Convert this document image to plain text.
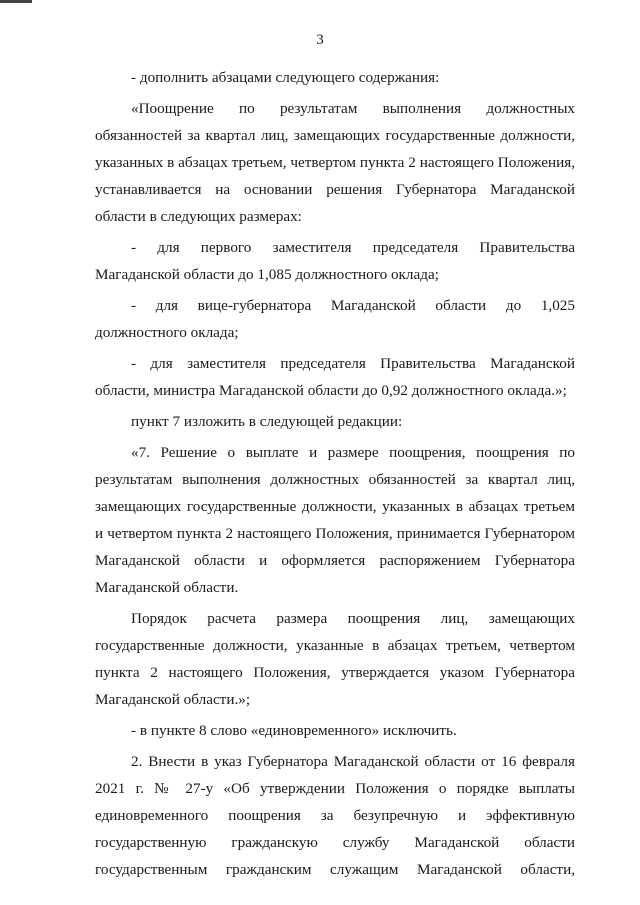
3

- дополнить абзацами следующего содержания:

«Поощрение по результатам выполнения должностных обязанностей за квартал лиц, замещающих государственные должности, указанных в абзацах третьем, четвертом пункта 2 настоящего Положения, устанавливается на основании решения Губернатора Магаданской области в следующих размерах:

- для первого заместителя председателя Правительства Магаданской области до 1,085 должностного оклада;

- для вице-губернатора Магаданской области до 1,025 должностного оклада;

- для заместителя председателя Правительства Магаданской области, министра Магаданской области до 0,92 должностного оклада.»;

пункт 7 изложить в следующей редакции:

«7. Решение о выплате и размере поощрения, поощрения по результатам выполнения должностных обязанностей за квартал лиц, замещающих государственные должности, указанных в абзацах третьем и четвертом пункта 2 настоящего Положения, принимается Губернатором Магаданской области и оформляется распоряжением Губернатора Магаданской области.

Порядок расчета размера поощрения лиц, замещающих государственные должности, указанные в абзацах третьем, четвертом пункта 2 настоящего Положения, утверждается указом Губернатора Магаданской области.»;

- в пункте 8 слово «единовременного» исключить.

2. Внести в указ Губернатора Магаданской области от 16 февраля 2021 г. № 27-у «Об утверждении Положения о порядке выплаты единовременного поощрения за безупречную и эффективную государственную гражданскую службу Магаданской области государственным гражданским служащим Магаданской области,
